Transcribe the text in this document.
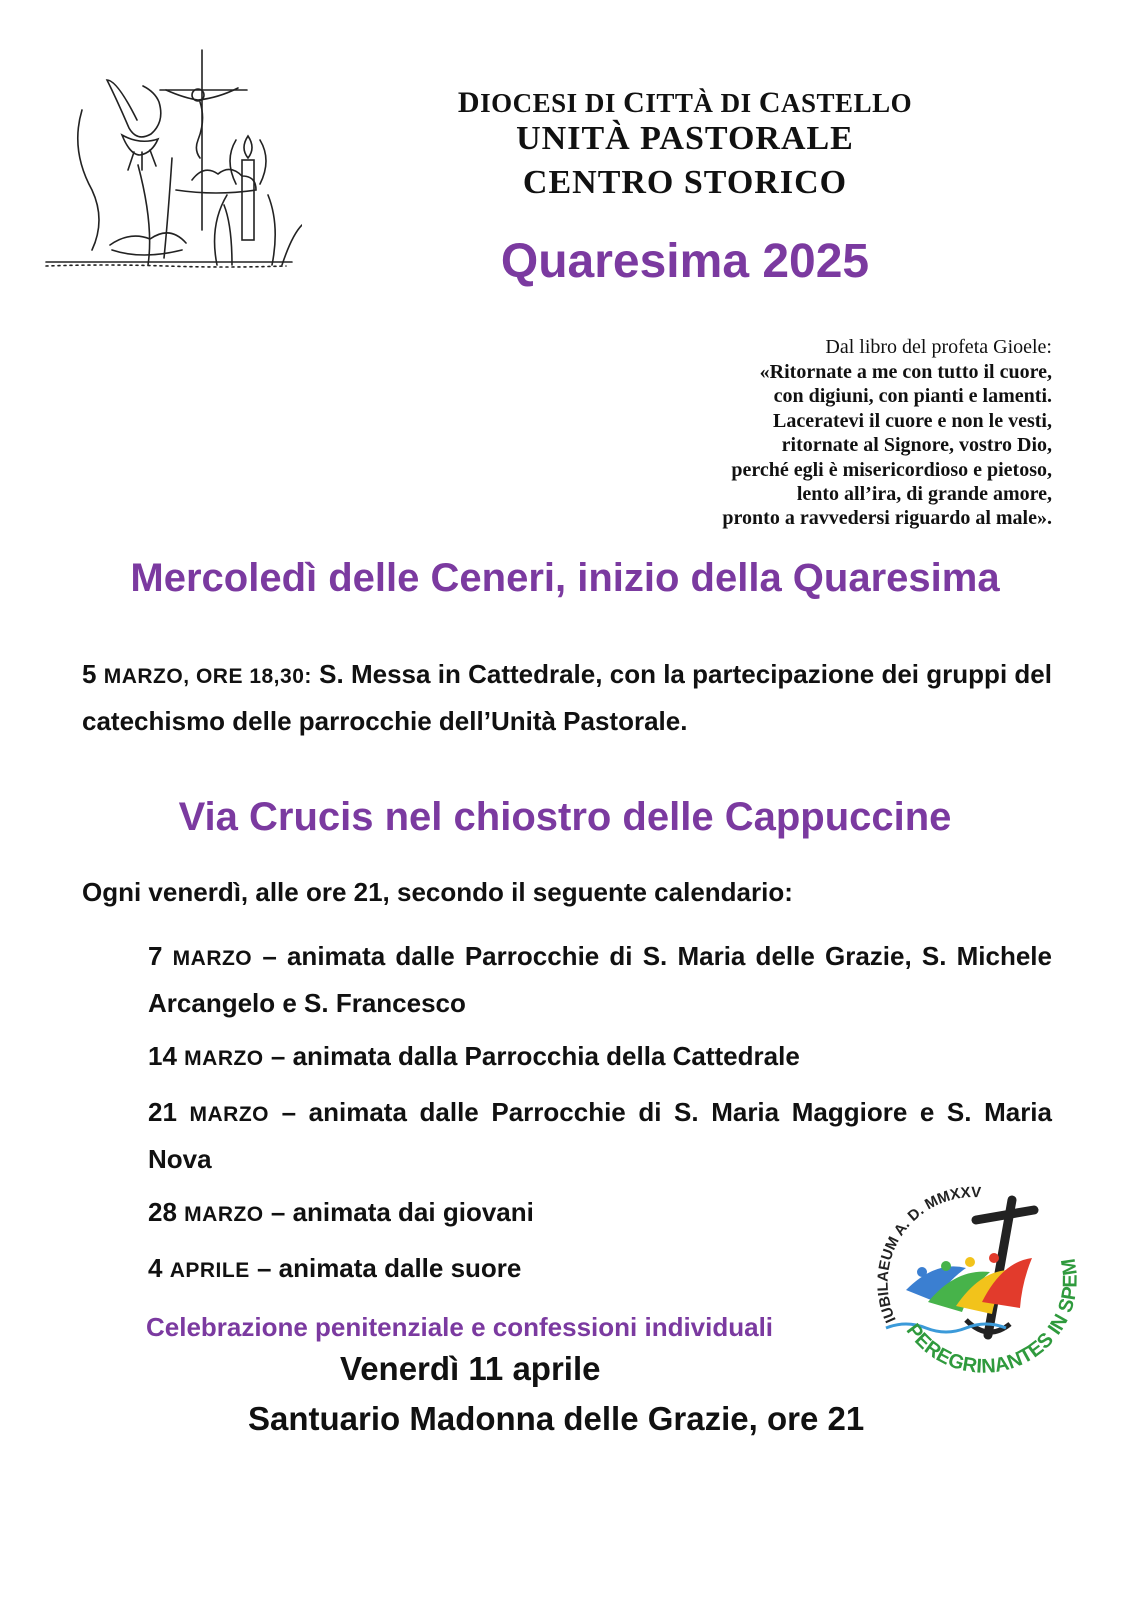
DIOCESI DI CITTÀ DI CASTELLO
UNITÀ PASTORALE
CENTRO STORICO
Quaresima 2025
Dal libro del profeta Gioele:
«Ritornate a me con tutto il cuore,
con digiuni, con pianti e lamenti.
Laceratevi il cuore e non le vesti,
ritornate al Signore, vostro Dio,
perché egli è misericordioso e pietoso,
lento all’ira, di grande amore,
pronto a ravvedersi riguardo al male».
Mercoledì delle Ceneri, inizio della Quaresima
5 MARZO, ORE 18,30: S. Messa in Cattedrale, con la partecipazione dei gruppi del catechismo delle parrocchie dell’Unità Pastorale.
Via Crucis nel chiostro delle Cappuccine
Ogni venerdì, alle ore 21, secondo il seguente calendario:
7 MARZO – animata dalle Parrocchie di S. Maria delle Grazie, S. Michele Arcangelo e S. Francesco
14 MARZO – animata dalla Parrocchia della Cattedrale
21 MARZO – animata dalle Parrocchie di S. Maria Maggiore e S. Maria Nova
28 MARZO – animata dai giovani
4 APRILE – animata dalle suore
Celebrazione penitenziale e confessioni individuali
Venerdì 11 aprile
Santuario Madonna delle Grazie, ore 21
IUBILAEUM A. D. MMXXV
PEREGRINANTES IN SPEM
